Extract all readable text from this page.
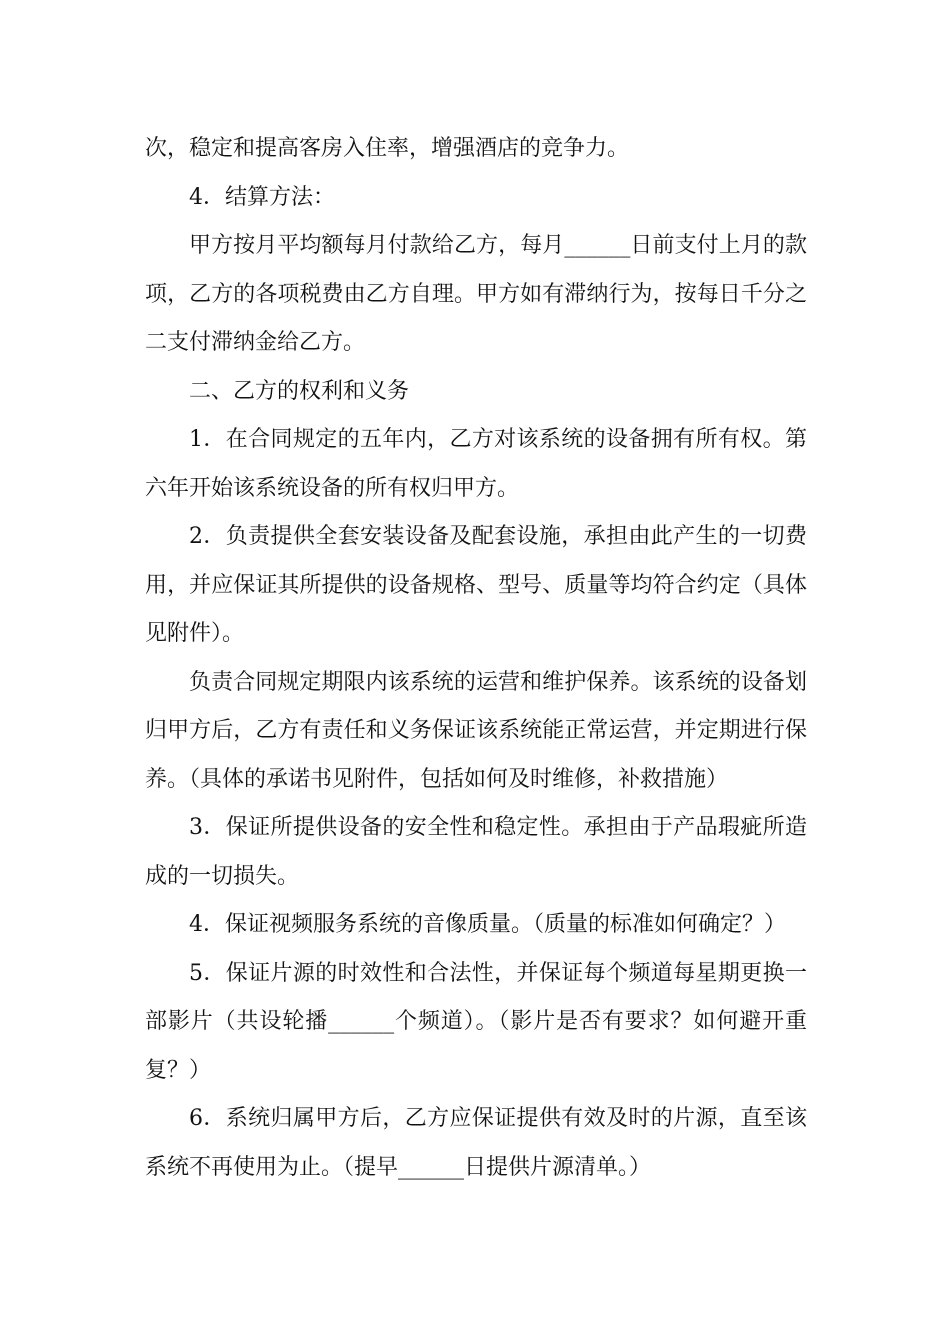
次，稳定和提高客房入住率，增强酒店的竞争力。

4．结算方法：

甲方按月平均额每月付款给乙方，每月______日前支付上月的款项，乙方的各项税费由乙方自理。甲方如有滞纳行为，按每日千分之二支付滞纳金给乙方。

二、乙方的权利和义务

1．在合同规定的五年内，乙方对该系统的设备拥有所有权。第六年开始该系统设备的所有权归甲方。

2．负责提供全套安装设备及配套设施，承担由此产生的一切费用，并应保证其所提供的设备规格、型号、质量等均符合约定（具体见附件）。

负责合同规定期限内该系统的运营和维护保养。该系统的设备划归甲方后，乙方有责任和义务保证该系统能正常运营，并定期进行保养。（具体的承诺书见附件，包括如何及时维修，补救措施）

3．保证所提供设备的安全性和稳定性。承担由于产品瑕疵所造成的一切损失。

4．保证视频服务系统的音像质量。（质量的标准如何确定？）

5．保证片源的时效性和合法性，并保证每个频道每星期更换一部影片（共设轮播______个频道）。（影片是否有要求？如何避开重复？）

6．系统归属甲方后，乙方应保证提供有效及时的片源，直至该系统不再使用为止。（提早______日提供片源清单。）
